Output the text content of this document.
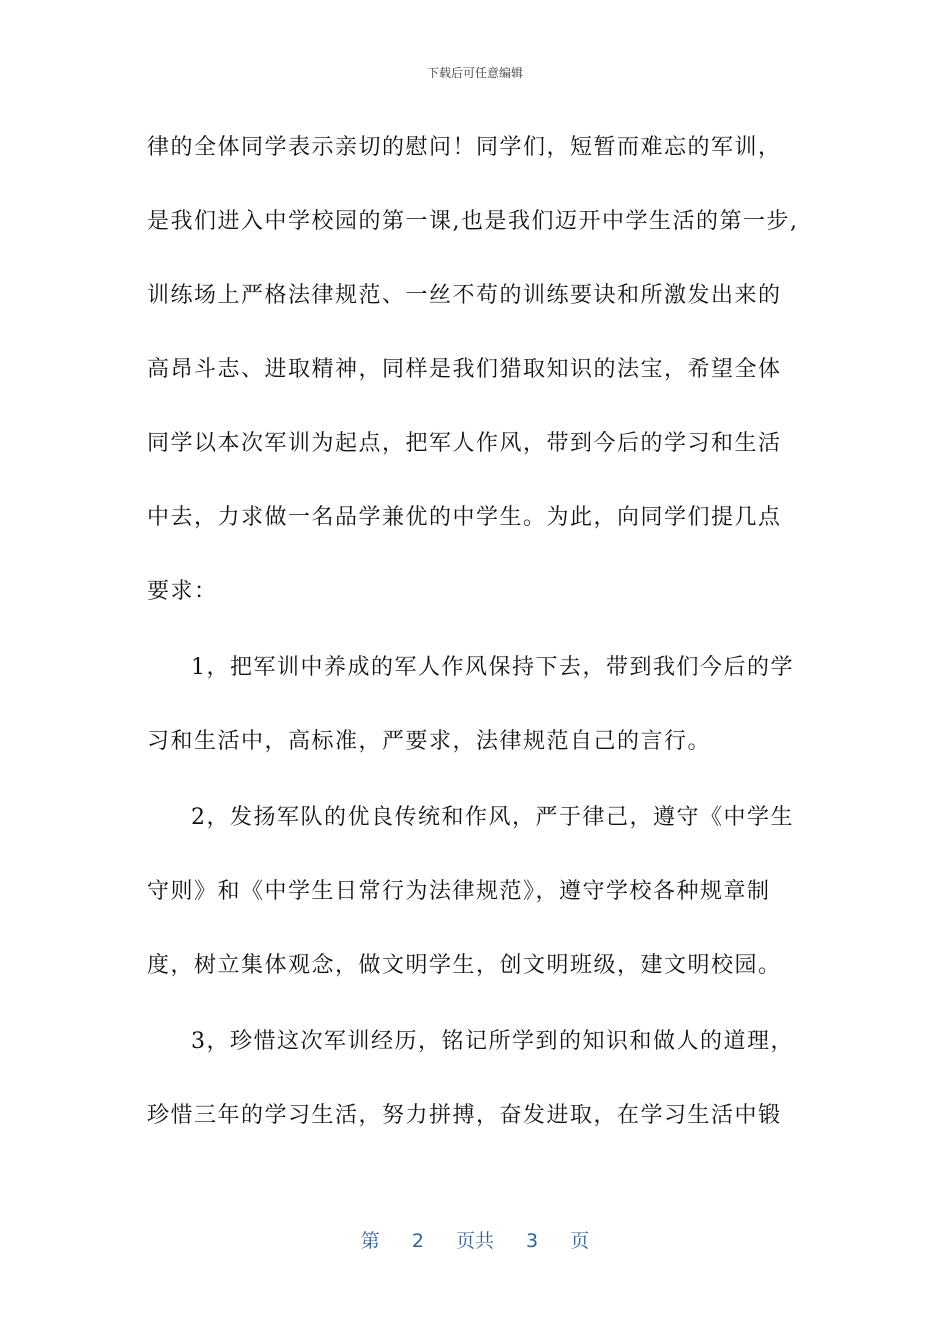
下载后可任意编辑
律的全体同学表示亲切的慰问！同学们，短暂而难忘的军训，
是我们进入中学校园的第一课,也是我们迈开中学生活的第一步,
训练场上严格法律规范、一丝不苟的训练要诀和所激发出来的
高昂斗志、进取精神，同样是我们猎取知识的法宝，希望全体
同学以本次军训为起点，把军人作风，带到今后的学习和生活
中去，力求做一名品学兼优的中学生。为此，向同学们提几点
要求：
1，把军训中养成的军人作风保持下去，带到我们今后的学
习和生活中，高标准，严要求，法律规范自己的言行。
2，发扬军队的优良传统和作风，严于律己，遵守《中学生
守则》和《中学生日常行为法律规范》，遵守学校各种规章制
度，树立集体观念，做文明学生，创文明班级，建文明校园。
3，珍惜这次军训经历，铭记所学到的知识和做人的道理，
珍惜三年的学习生活，努力拼搏，奋发进取，在学习生活中锻
第 2 页共 3 页
